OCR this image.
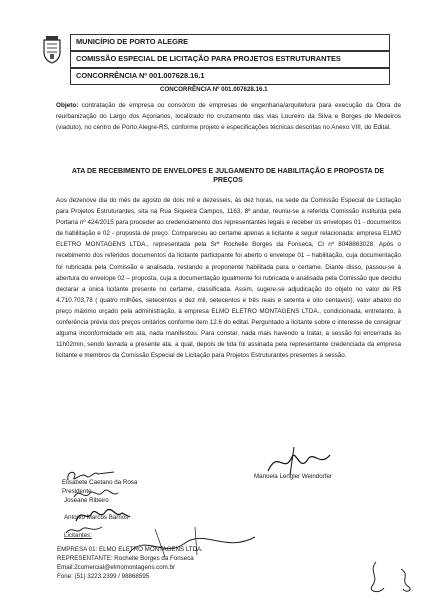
MUNICÍPIO DE PORTO ALEGRE
COMISSÃO ESPECIAL DE LICITAÇÃO PARA PROJETOS ESTRUTURANTES
CONCORRÊNCIA Nº 001.007628.16.1
CONCORRÊNCIA Nº 001.007628.16.1

Objeto: contratação de empresa ou consórcio de empresas de engenharia/arquitetura para execução da Obra de reurbanização do Largo dos Açorianos, localizado no cruzamento das vias Loureiro da Silva e Borges de Medeiros (viaduto), no centro de Porto Alegre-RS, conforme projeto e especificações técnicas descritas no Anexo VIII, do Edital.

ATA DE RECEBIMENTO DE ENVELOPES E JULGAMENTO DE HABILITAÇÃO E PROPOSTA DE PREÇOS

Aos dezenove dia do mês de agosto de dois mil e dezesseis, às dez horas, na sede da Comissão Especial de Licitação para Projetos Estruturantes, sita na Rua Siqueira Campos, 1163, 8º andar, reuniu-se a referida Comissão instituída pela Portaria nº 424/2015 para proceder ao credenciamento dos representantes legais e receber os envelopes 01 - documentos de habilitação e 02 - proposta de preço. Compareceu ao certame apenas a licitante a seguir relacionada: empresa ELMO ELETRO MONTAGENS LTDA., representada pela Srª Rochelle Borges da Fonseca, CI nº 8048863028. Após o recebimento dos referidos documentos da licitante participante foi aberto o envelope 01 – habilitação, cuja documentação foi rubricada pela Comissão e analisada, restando a proponente habilitada para o certame. Diante disso, passou-se à abertura do envelope 02 – proposta, cuja a documentação igualmente foi rubricada e analisada pela Comissão que decidiu declarar a única licitante presente no certame, classificada. Assim, sugere-se adjudicação do objeto no valor de R$ 4.710.703,78 ( quatro milhões, setecentos e dez mil, setecentos e três reais e setenta e oito centavos), valor abaixo do preço máximo orçado pela administração, à empresa ELMO ELETRO MONTAGENS LTDA., condicionada, entretanto, à conferência prévia dos preços unitários conforme item 12.6 do edital. Perguntado a licitante sobre o interesse de consignar alguma inconformidade em ata, nada manifestou. Para constar, nada mais havendo a tratar, a sessão foi encerrada às 11h02min, sendo lavrada a presente ata, a qual, depois de lida foi assinada pela representante credenciada da empresa licitante e membros da Comissão Especial de Licitação para Projetos Estruturantes presentes à sessão.

Elisabete Caetano da Rosa
Presidente
Joseane Ribeiro
Antonio Marcos Barrios
Manoela Lengler Weindorfer
Licitantes:
EMPRESA 01: ELMO ELETRO MONTAGENS LTDA.
REPRESENTANTE: Rochelle Borges da Fonseca
Email:2comercial@elmomontagens.com.br
Fone: (51) 3223.2399 / 98868595
